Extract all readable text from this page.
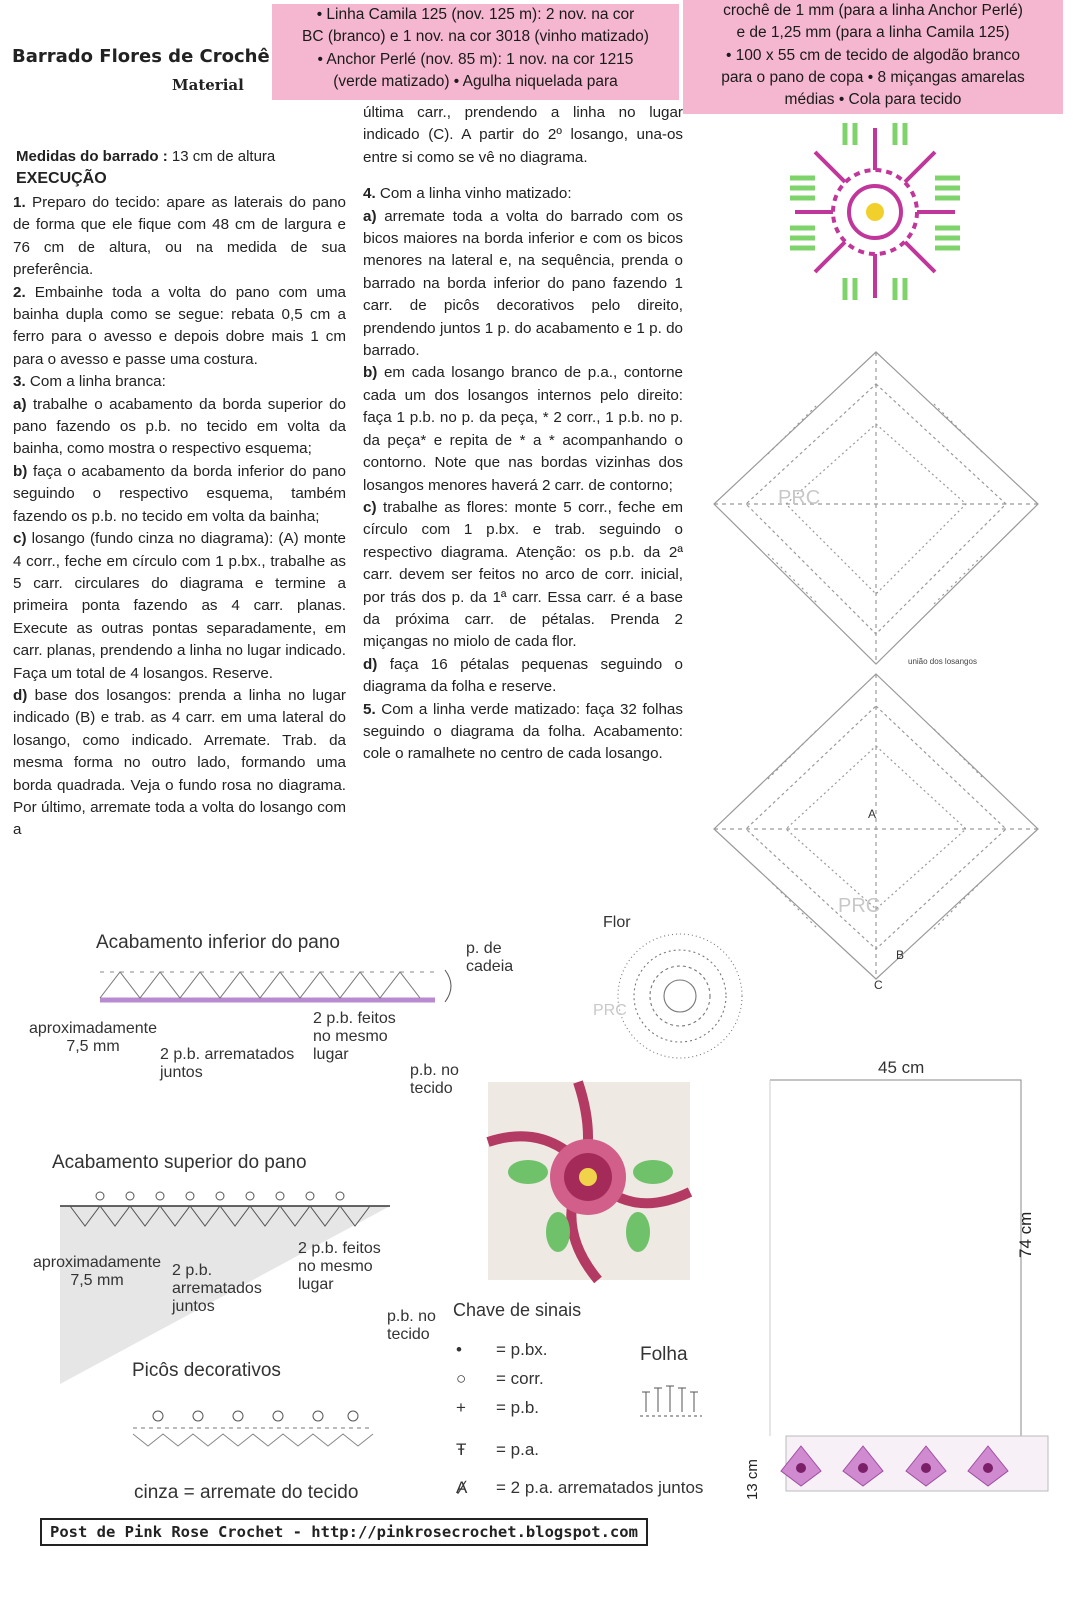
• Linha Camila 125 (nov. 125 m): 2 nov. na cor

BC (branco) e 1 nov. na cor 3018 (vinho matizado)

• Anchor Perlé (nov. 85 m): 1 nov. na cor 1215

(verde matizado) • Agulha niquelada para

crochê de 1 mm (para a linha Anchor Perlé)

e de 1,25 mm (para a linha Camila 125)

• 100 x 55 cm de tecido de algodão branco

para o pano de copa • 8 miçangas amarelas

médias • Cola para tecido

Barrado Flores de Crochê
Material
Medidas do barrado : 13 cm de altura
EXECUÇÃO

1. Preparo do tecido: apare as laterais do pano de forma que ele fique com 48 cm de largura e 76 cm de altura, ou na medida de sua preferência.

2. Embainhe toda a volta do pano com uma bainha dupla como se segue: rebata 0,5 cm a ferro para o avesso e depois dobre mais 1 cm para o avesso e passe uma costura.

3. Com a linha branca:

a) trabalhe o acabamento da borda superior do pano fazendo os p.b. no tecido em volta da bainha, como mostra o respectivo esquema;

b) faça o acabamento da borda inferior do pano seguindo o respectivo esquema, também fazendo os p.b. no tecido em volta da bainha;

c) losango (fundo cinza no diagrama): (A) monte 4 corr., feche em círculo com 1 p.bx., trabalhe as 5 carr. circulares do diagrama e termine a primeira ponta fazendo as 4 carr. planas. Execute as outras pontas separadamente, em carr. planas, prendendo a linha no lugar indicado. Faça um total de 4 losangos. Reserve.

d) base dos losangos: prenda a linha no lugar indicado (B) e trab. as 4 carr. em uma lateral do losango, como indicado. Arremate. Trab. da mesma forma no outro lado, formando uma borda quadrada. Veja o fundo rosa no diagrama. Por último, arremate toda a volta do losango com a

última carr., prendendo a linha no lugar indicado (C). A partir do 2º losango, una-os entre si como se vê no diagrama.

4. Com a linha vinho matizado:

a) arremate toda a volta do barrado com os bicos maiores na borda inferior e com os bicos menores na lateral e, na sequência, prenda o barrado na borda inferior do pano fazendo 1 carr. de picôs decorativos pelo direito, prendendo juntos 1 p. do acabamento e 1 p. do barrado.

b) em cada losango branco de p.a., contorne cada um dos losangos internos pelo direito: faça 1 p.b. no p. da peça, * 2 corr., 1 p.b. no p. da peça* e repita de * a * acompanhando o contorno. Note que nas bordas vizinhas dos losangos menores haverá 2 carr. de contorno;

c) trabalhe as flores: monte 5 corr., feche em círculo com 1 p.bx. e trab. seguindo o respectivo diagrama. Atenção: os p.b. da 2ª carr. devem ser feitos no arco de corr. inicial, por trás dos p. da 1ª carr. Essa carr. é a base da próxima carr. de pétalas. Prenda 2 miçangas no miolo de cada flor.

d) faça 16 pétalas pequenas seguindo o diagrama da folha e reserve.

5. Com a linha verde matizado: faça 32 folhas seguindo o diagrama da folha. Acabamento: cole o ramalhete no centro de cada losango.

PRC
PRC
união dos losangos
A
B
C
Acabamento inferior do pano	p. de cadeia
aproximadamente 7,5 mm	2 p.b. arrematados juntos
2 p.b. feitos no mesmo lugar
p.b. no tecido
Flor
PRC
Acabamento superior do pano
aproximadamente 7,5 mm
2 p.b. arrematados juntos
2 p.b. feitos no mesmo lugar
p.b. no tecido
Picôs decorativos
cinza = arremate do tecido
Chave de sinais
• = p.bx.
○ = corr.
+ = p.b.
Ŧ = p.a.
Ⱥ = 2 p.a. arrematados juntos
Folha
45 cm
74 cm
13 cm
Post de Pink Rose Crochet - http://pinkrosecrochet.blogspot.com
